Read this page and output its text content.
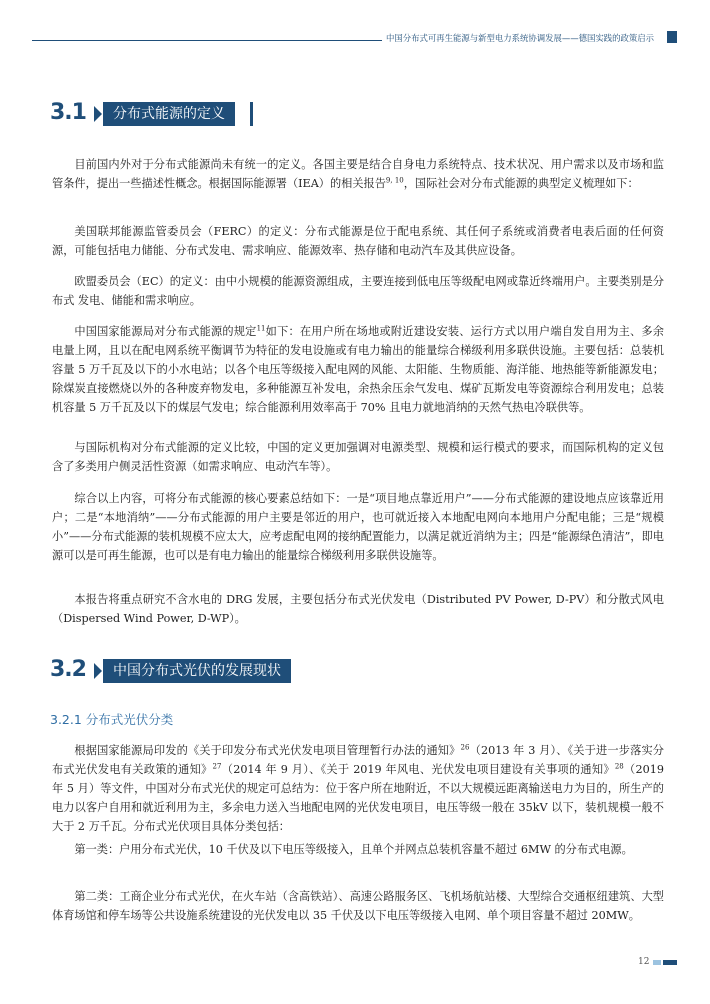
中国分布式可再生能源与新型电力系统协调发展——德国实践的政策启示
3.1	分布式能源的定义
目前国内外对于分布式能源尚未有统一的定义。各国主要是结合自身电力系统特点、技术状况、用户需求以及市场和监管条件，提出一些描述性概念。根据国际能源署（IEA）的相关报告$^{9, 10}$，国际社会对分布式能源的典型定义梳理如下：
美国联邦能源监管委员会（FERC）的定义：分布式能源是位于配电系统、其任何子系统或消费者电表后面的任何资源，可能包括电力储能、分布式发电、需求响应、能源效率、热存储和电动汽车及其供应设备。
欧盟委员会（EC）的定义：由中小规模的能源资源组成，主要连接到低电压等级配电网或靠近终端用户。主要类别是分布式 发电、储能和需求响应。
中国国家能源局对分布式能源的规定$^{11}$如下：在用户所在场地或附近建设安装、运行方式以用户端自发自用为主、多余电量上网，且以在配电网系统平衡调节为特征的发电设施或有电力输出的能量综合梯级利用多联供设施。主要包括：总装机容量 5 万千瓦及以下的小水电站；以各个电压等级接入配电网的风能、太阳能、生物质能、海洋能、地热能等新能源发电；除煤炭直接燃烧以外的各种废弃物发电，多种能源互补发电，余热余压余气发电、煤矿瓦斯发电等资源综合利用发电；总装机容量 5 万千瓦及以下的煤层气发电；综合能源利用效率高于 70% 且电力就地消纳的天然气热电冷联供等。
与国际机构对分布式能源的定义比较，中国的定义更加强调对电源类型、规模和运行模式的要求，而国际机构的定义包含了多类用户侧灵活性资源（如需求响应、电动汽车等）。
综合以上内容，可将分布式能源的核心要素总结如下：一是“项目地点靠近用户”——分布式能源的建设地点应该靠近用户；二是“本地消纳”——分布式能源的用户主要是邻近的用户，也可就近接入本地配电网向本地用户分配电能；三是“规模小”——分布式能源的装机规模不应太大，应考虑配电网的接纳配置能力，以满足就近消纳为主；四是“能源绿色清洁”，即电源可以是可再生能源，也可以是有电力输出的能量综合梯级利用多联供设施等。
本报告将重点研究不含水电的 DRG 发展，主要包括分布式光伏发电（Distributed PV Power, D-PV）和分散式风电（Dispersed Wind Power, D-WP）。
3.2	中国分布式光伏的发展现状
3.2.1 分布式光伏分类
根据国家能源局印发的《关于印发分布式光伏发电项目管理暂行办法的通知》$^{26}$（2013 年 3 月）、《关于进一步落实分布式光伏发电有关政策的通知》$^{27}$（2014 年 9 月）、《关于 2019 年风电、光伏发电项目建设有关事项的通知》$^{28}$（2019 年 5 月）等文件，中国对分布式光伏的规定可总结为：位于客户所在地附近，不以大规模远距离输送电力为目的，所生产的电力以客户自用和就近利用为主，多余电力送入当地配电网的光伏发电项目，电压等级一般在 35kV 以下，装机规模一般不大于 2 万千瓦。分布式光伏项目具体分类包括：
第一类：户用分布式光伏，10 千伏及以下电压等级接入，且单个并网点总装机容量不超过 6MW 的分布式电源。
第二类：工商企业分布式光伏，在火车站（含高铁站）、高速公路服务区、飞机场航站楼、大型综合交通枢纽建筑、大型体育场馆和停车场等公共设施系统建设的光伏发电以 35 千伏及以下电压等级接入电网、单个项目容量不超过 20MW。
12
